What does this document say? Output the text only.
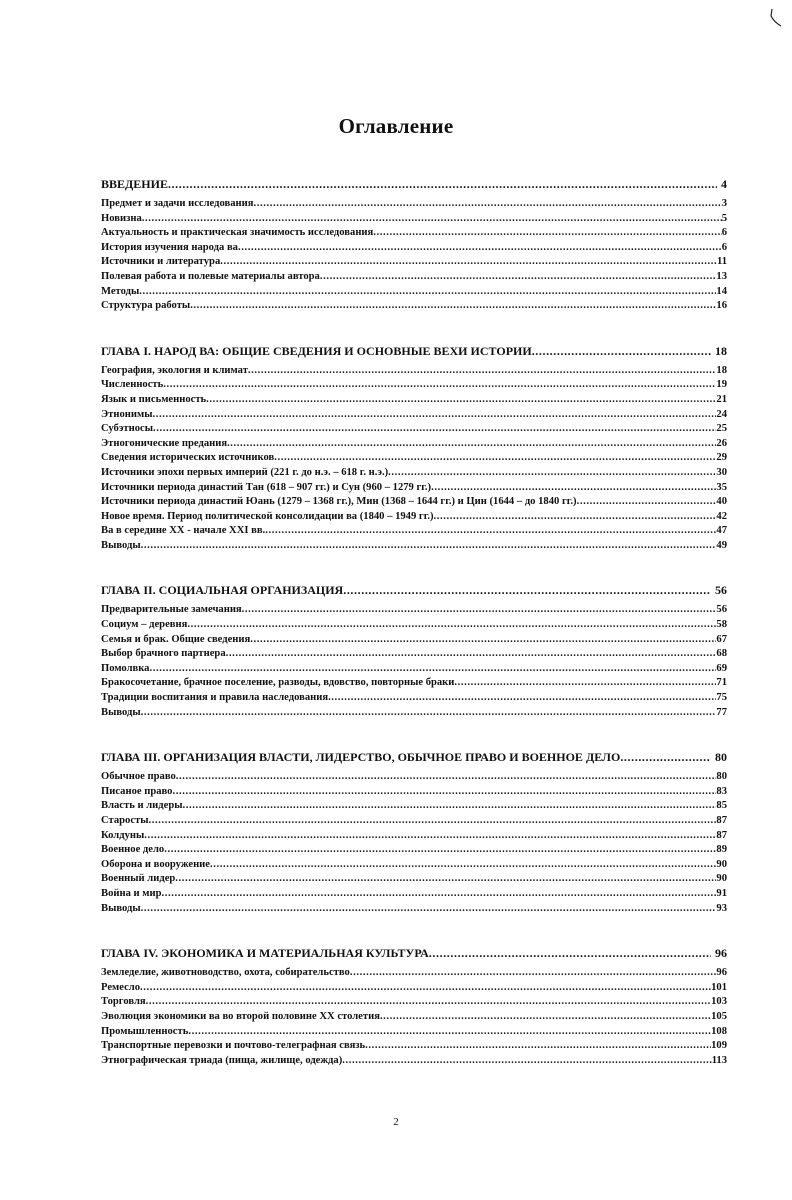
Оглавление
ВВЕДЕНИЕ .....	4
Предмет и задачи исследования .....	3
Новизна .....	5
Актуальность и практическая значимость исследования .....	6
История изучения народа ва .....	6
Источники и литература .....	11
Полевая работа и полевые материалы автора .....	13
Методы .....	14
Структура работы .....	16
ГЛАВА I. НАРОД ВА: ОБЩИЕ СВЕДЕНИЯ И ОСНОВНЫЕ ВЕХИ ИСТОРИИ .....	18
География, экология и климат .....	18
Численность .....	19
Язык и письменность .....	21
Этнонимы .....	24
Субэтносы .....	25
Этногонические предания .....	26
Сведения исторических источников .....	29
Источники эпохи первых империй (221 г. до н.э. – 618 г. н.э.) .....	30
Источники периода династий Тан (618 – 907 гг.) и Сун (960 – 1279 гг.) .....	35
Источники периода династий Юань (1279 – 1368 гг.), Мин (1368 – 1644 гг.) и Цин (1644 – до 1840 гг.) .....	40
Новое время. Период политической консолидации ва (1840 – 1949 гг.) .....	42
Ва в середине XX - начале XXI вв. .....	47
Выводы .....	49
ГЛАВА II. СОЦИАЛЬНАЯ ОРГАНИЗАЦИЯ .....	56
Предварительные замечания .....	56
Социум – деревня .....	58
Семья и брак. Общие сведения .....	67
Выбор брачного партнера .....	68
Помолвка .....	69
Бракосочетание, брачное поселение, разводы, вдовство, повторные браки .....	71
Традиции воспитания и правила наследования .....	75
Выводы .....	77
ГЛАВА III. ОРГАНИЗАЦИЯ ВЛАСТИ, ЛИДЕРСТВО, ОБЫЧНОЕ ПРАВО И ВОЕННОЕ ДЕЛО .....	80
Обычное право .....	80
Писаное право .....	83
Власть и лидеры .....	85
Старосты .....	87
Колдуны .....	87
Военное дело .....	89
Оборона и вооружение .....	90
Военный лидер .....	90
Война и мир .....	91
Выводы .....	93
ГЛАВА IV. ЭКОНОМИКА И МАТЕРИАЛЬНАЯ КУЛЬТУРА .....	96
Земледелие, животноводство, охота, собирательство .....	96
Ремесло .....	101
Торговля .....	103
Эволюция экономики ва во второй половине XX столетия .....	105
Промышленность .....	108
Транспортные перевозки и почтово-телеграфная связь .....	109
Этнографическая триада (пища, жилище, одежда) .....	113
2
